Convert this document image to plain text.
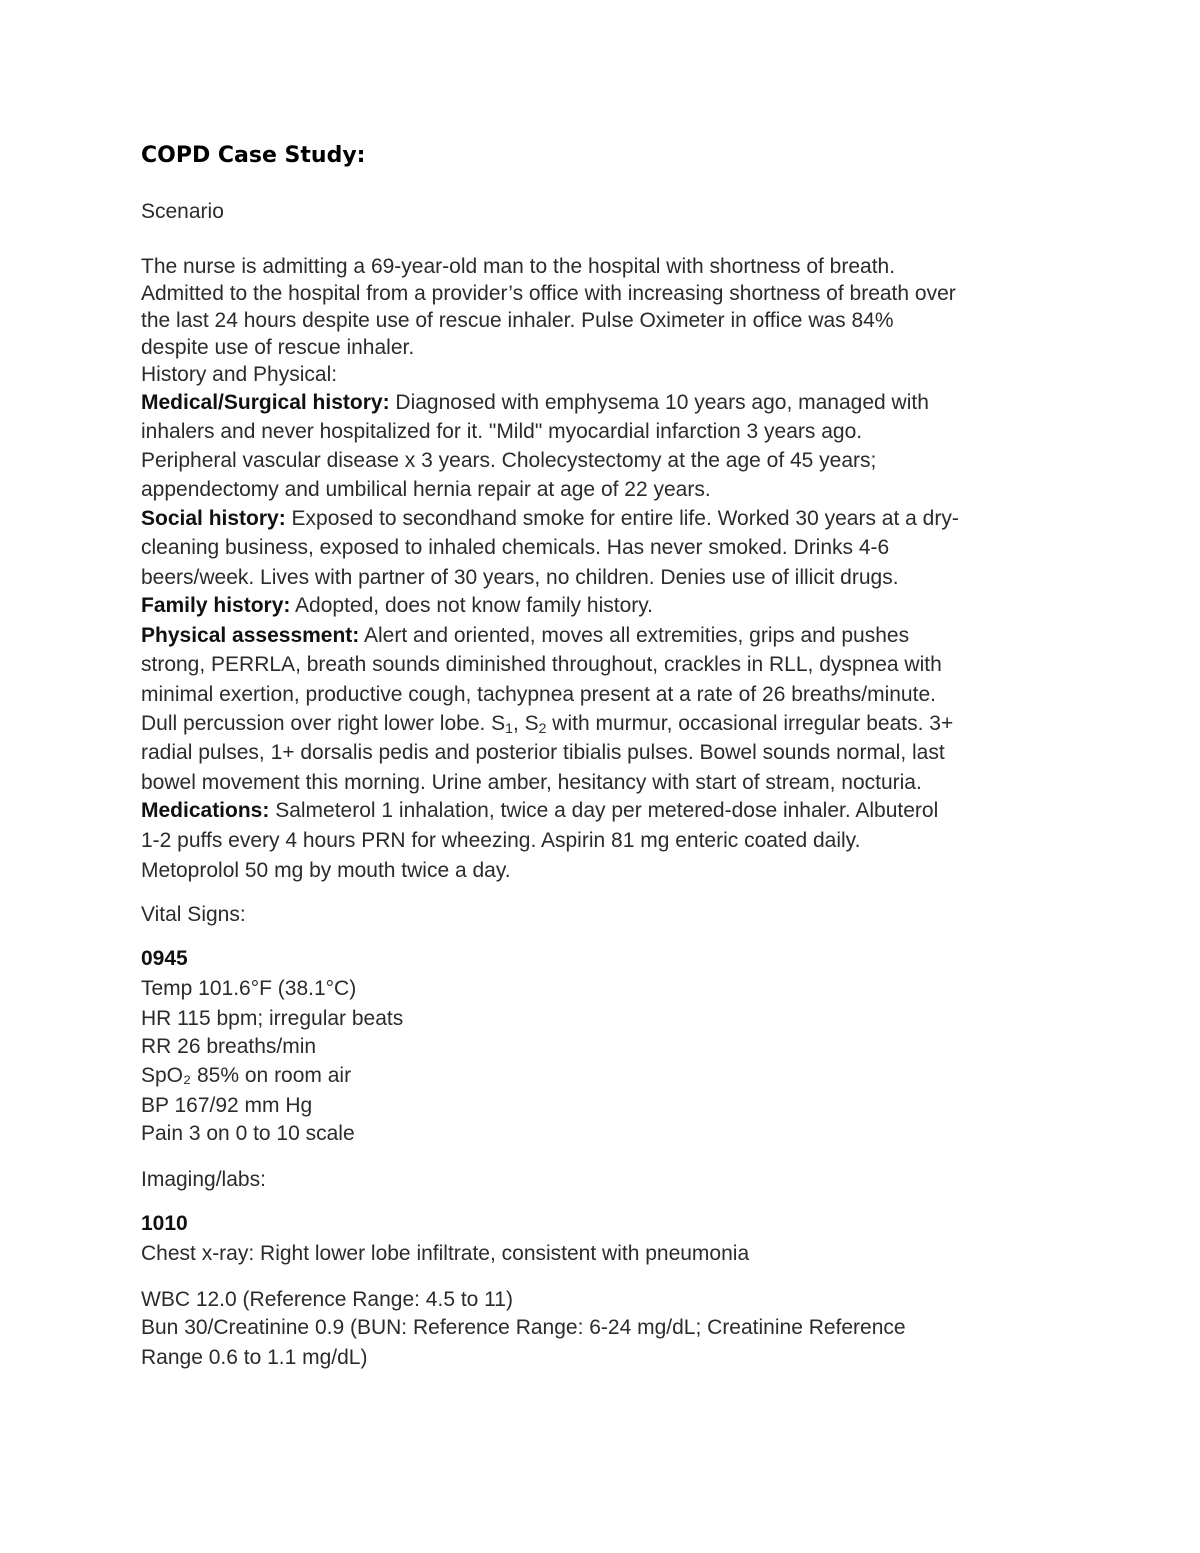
COPD Case Study:
Scenario
The nurse is admitting a 69-year-old man to the hospital with shortness of breath.
Admitted to the hospital from a provider’s office with increasing shortness of breath over
the last 24 hours despite use of rescue inhaler. Pulse Oximeter in office was 84%
despite use of rescue inhaler.
History and Physical:
Medical/Surgical history: Diagnosed with emphysema 10 years ago, managed with
inhalers and never hospitalized for it. "Mild" myocardial infarction 3 years ago.
Peripheral vascular disease x 3 years. Cholecystectomy at the age of 45 years;
appendectomy and umbilical hernia repair at age of 22 years.
Social history: Exposed to secondhand smoke for entire life. Worked 30 years at a dry-
cleaning business, exposed to inhaled chemicals. Has never smoked. Drinks 4-6
beers/week. Lives with partner of 30 years, no children. Denies use of illicit drugs.
Family history: Adopted, does not know family history.
Physical assessment: Alert and oriented, moves all extremities, grips and pushes
strong, PERRLA, breath sounds diminished throughout, crackles in RLL, dyspnea with
minimal exertion, productive cough, tachypnea present at a rate of 26 breaths/minute.
Dull percussion over right lower lobe. $S_1$, $S_2$ with murmur, occasional irregular beats. 3+
radial pulses, 1+ dorsalis pedis and posterior tibialis pulses. Bowel sounds normal, last
bowel movement this morning. Urine amber, hesitancy with start of stream, nocturia.
Medications: Salmeterol 1 inhalation, twice a day per metered-dose inhaler. Albuterol
1-2 puffs every 4 hours PRN for wheezing. Aspirin 81 mg enteric coated daily.
Metoprolol 50 mg by mouth twice a day.
Vital Signs:
0945
Temp 101.6°F (38.1°C)
HR 115 bpm; irregular beats
RR 26 breaths/min
SpO₂ 85% on room air
BP 167/92 mm Hg
Pain 3 on 0 to 10 scale
Imaging/labs:
1010
Chest x-ray: Right lower lobe infiltrate, consistent with pneumonia
WBC 12.0 (Reference Range: 4.5 to 11)
Bun 30/Creatinine 0.9 (BUN: Reference Range: 6-24 mg/dL; Creatinine Reference
Range 0.6 to 1.1 mg/dL)
